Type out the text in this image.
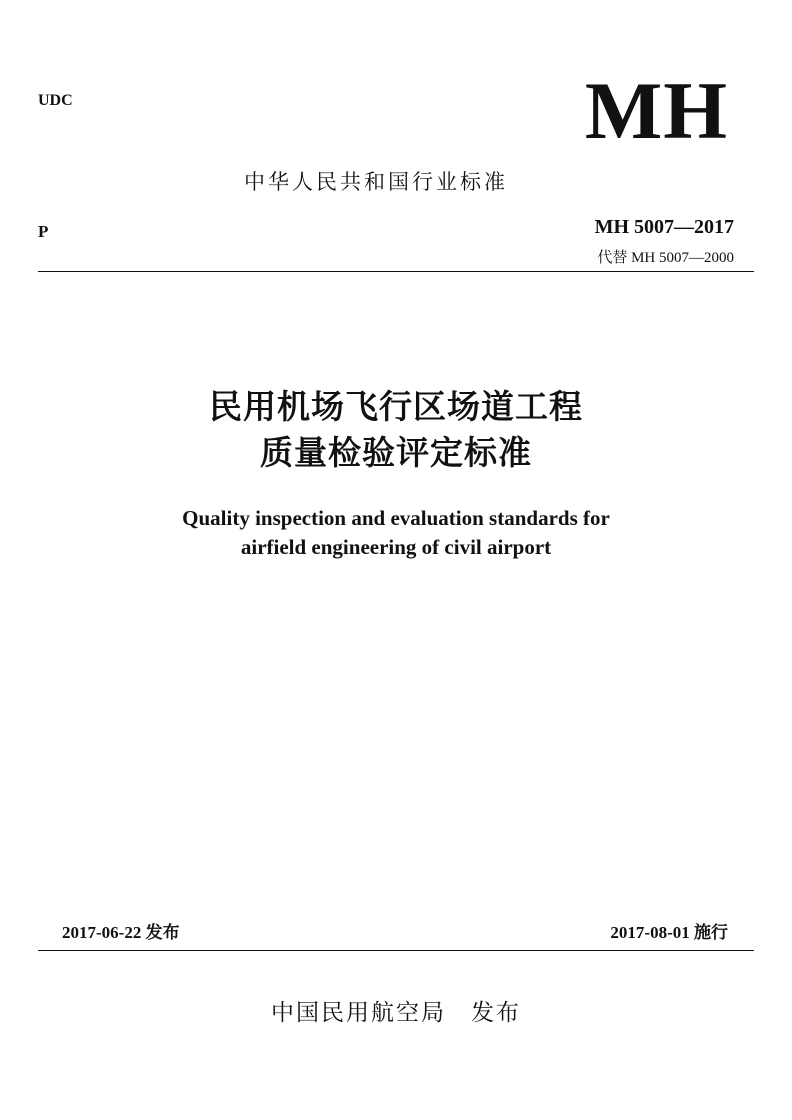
UDC	MH
中华人民共和国行业标准
P	MH 5007—2017
代替 MH 5007—2000
民用机场飞行区场道工程
质量检验评定标准
Quality inspection and evaluation standards for
airfield engineering of civil airport
2017-06-22 发布	2017-08-01 施行
中国民用航空局　发布
